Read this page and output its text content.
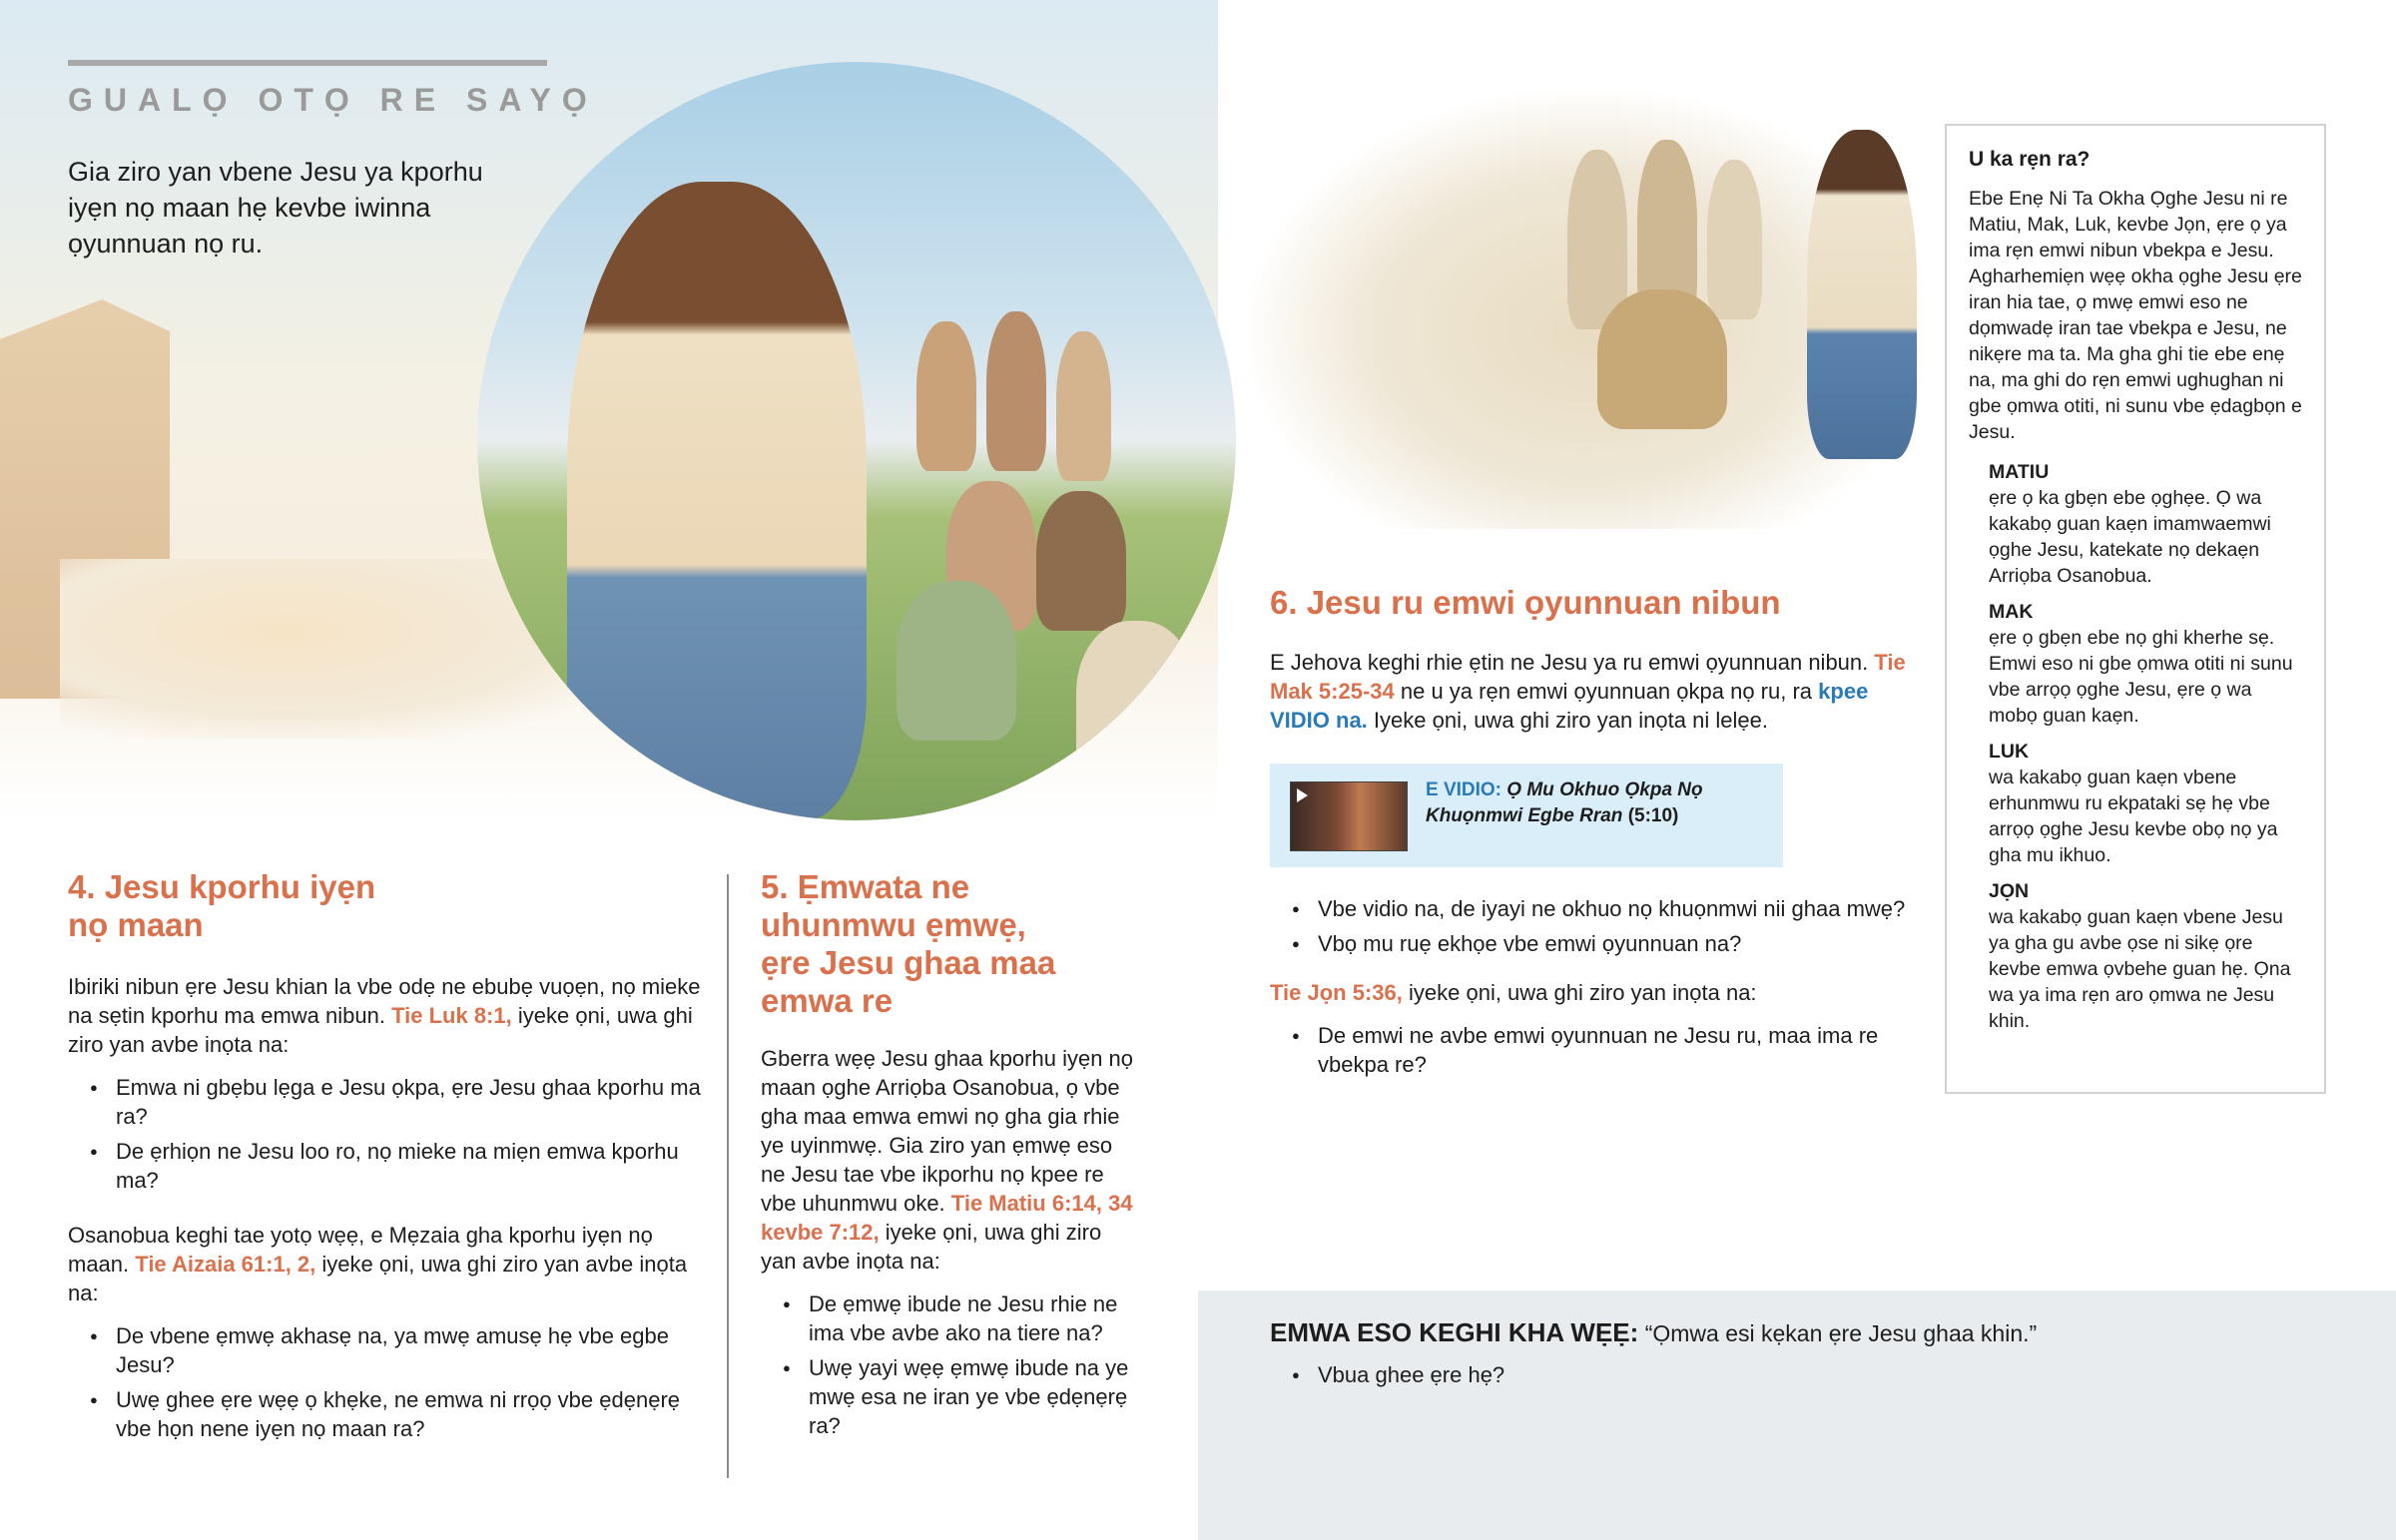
GUALỌ OTỌ RE SAYỌ
Gia ziro yan vbene Jesu ya kporhu iyẹn nọ maan hẹ kevbe iwinna ọyunnuan nọ ru.
4. Jesu kporhu iyẹn
nọ maan

Ibiriki nibun ẹre Jesu khian la vbe odẹ ne ebubẹ vuọẹn, nọ mieke na sẹtin kporhu ma emwa nibun. Tie Luk 8:1, iyeke ọni, uwa ghi ziro yan avbe inọta na:

● Emwa ni gbẹbu lẹga e Jesu ọkpa, ẹre Jesu ghaa kporhu ma ra?
● De ẹrhiọn ne Jesu loo ro, nọ mieke na miẹn emwa kporhu ma?

Osanobua keghi tae yotọ wẹẹ, e Mẹzaia gha kporhu iyẹn nọ maan. Tie Aizaia 61:1, 2, iyeke ọni, uwa ghi ziro yan avbe inọta na:

● De vbene ẹmwẹ akhasẹ na, ya mwẹ amusẹ hẹ vbe egbe Jesu?
● Uwẹ ghee ẹre wẹẹ ọ khẹke, ne emwa ni rrọọ vbe ẹdẹnẹrẹ vbe họn nene iyẹn nọ maan ra?
5. Ẹmwata ne
uhunmwu ẹmwẹ,
ẹre Jesu ghaa maa
emwa re

Gberra wẹẹ Jesu ghaa kporhu iyẹn nọ maan ọghe Arriọba Osanobua, ọ vbe gha maa emwa emwi nọ gha gia rhie ye uyinmwẹ. Gia ziro yan ẹmwẹ eso ne Jesu tae vbe ikporhu nọ kpee re vbe uhunmwu oke. Tie Matiu 6:14, 34 kevbe 7:12, iyeke ọni, uwa ghi ziro yan avbe inọta na:

● De ẹmwẹ ibude ne Jesu rhie ne ima vbe avbe ako na tiere na?
● Uwẹ yayi wẹẹ ẹmwẹ ibude na ye mwẹ esa ne iran ye vbe ẹdẹnẹrẹ ra?
6. Jesu ru emwi ọyunnuan nibun

E Jehova keghi rhie ẹtin ne Jesu ya ru emwi ọyunnuan nibun. Tie Mak 5:25-34 ne u ya rẹn emwi ọyunnuan ọkpa nọ ru, ra kpee VIDIO na. Iyeke ọni, uwa ghi ziro yan inọta ni lelẹe.

E VIDIO: Ọ Mu Okhuo Ọkpa Nọ Khuọnmwi Egbe Rran (5:10)
● Vbe vidio na, de iyayi ne okhuo nọ khuọnmwi nii ghaa mwẹ?
● Vbọ mu ruẹ ekhọe vbe emwi ọyunnuan na?

Tie Jọn 5:36, iyeke ọni, uwa ghi ziro yan inọta na:

● De emwi ne avbe emwi ọyunnuan ne Jesu ru, maa ima re vbekpa re?
U ka rẹn ra?
Ebe Enẹ Ni Ta Okha Ọghe Jesu ni re Matiu, Mak, Luk, kevbe Jọn, ẹre ọ ya ima rẹn emwi nibun vbekpa e Jesu. Agharhemiẹn wẹẹ okha ọghe Jesu ẹre iran hia tae, ọ mwẹ emwi eso ne dọmwadẹ iran tae vbekpa e Jesu, ne nikẹre ma ta. Ma gha ghi tie ebe enẹ na, ma ghi do rẹn emwi ughughan ni gbe ọmwa otiti, ni sunu vbe ẹdagbọn e Jesu.
MATIU
ẹre ọ ka gbẹn ebe ọghẹe. Ọ wa kakabọ guan kaẹn imamwaemwi ọghe Jesu, katekate nọ dekaẹn Arriọba Osanobua.
MAK
ẹre ọ gbẹn ebe nọ ghi kherhe sẹ. Emwi eso ni gbe ọmwa otiti ni sunu vbe arrọọ ọghe Jesu, ẹre ọ wa mobọ guan kaẹn.
LUK
wa kakabọ guan kaẹn vbene erhunmwu ru ekpataki sẹ hẹ vbe arrọọ ọghe Jesu kevbe obọ nọ ya gha mu ikhuo.
JỌN
wa kakabọ guan kaẹn vbene Jesu ya gha gu avbe ọse ni sikẹ ọre kevbe emwa ọvbehe guan hẹ. Ọna wa ya ima rẹn aro ọmwa ne Jesu khin.
EMWA ESO KEGHI KHA WẸẸ: “Ọmwa esi kẹkan ẹre Jesu ghaa khin.”
● Vbua ghee ẹre hẹ?
